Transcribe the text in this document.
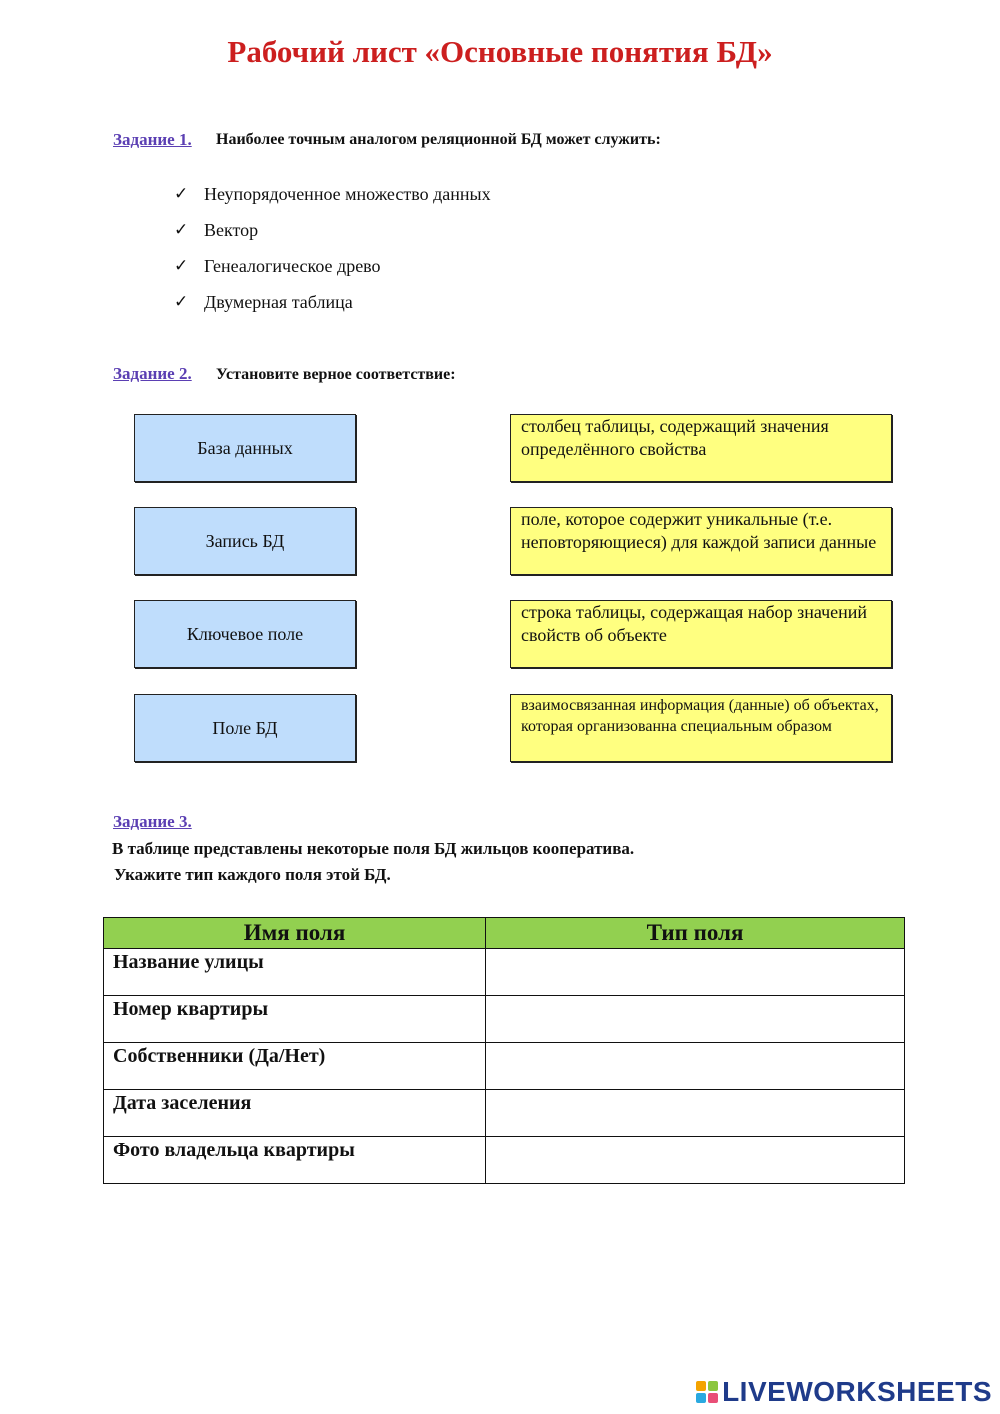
Рабочий лист «Основные понятия БД»
Задание 1. Наиболее точным аналогом реляционной БД может служить:
✓ Неупорядоченное множество данных
✓ Вектор
✓ Генеалогическое древо
✓ Двумерная таблица
Задание 2. Установите верное соответствие:
База данных
Запись БД
Ключевое поле
Поле БД
столбец таблицы, содержащий значения определённого свойства
поле, которое содержит уникальные (т.е. неповторяющиеся) для каждой записи данные
строка таблицы, содержащая набор значений свойств об объекте
взаимосвязанная информация (данные) об объектах, которая организованна специальным образом
Задание 3.
В таблице представлены некоторые поля БД жильцов кооператива.
Укажите тип каждого поля этой БД.
Имя поля	Тип поля
Название улицы	
Номер квартиры	
Собственники (Да/Нет)	
Дата заселения	
Фото владельца квартиры	
LIVEWORKSHEETS
